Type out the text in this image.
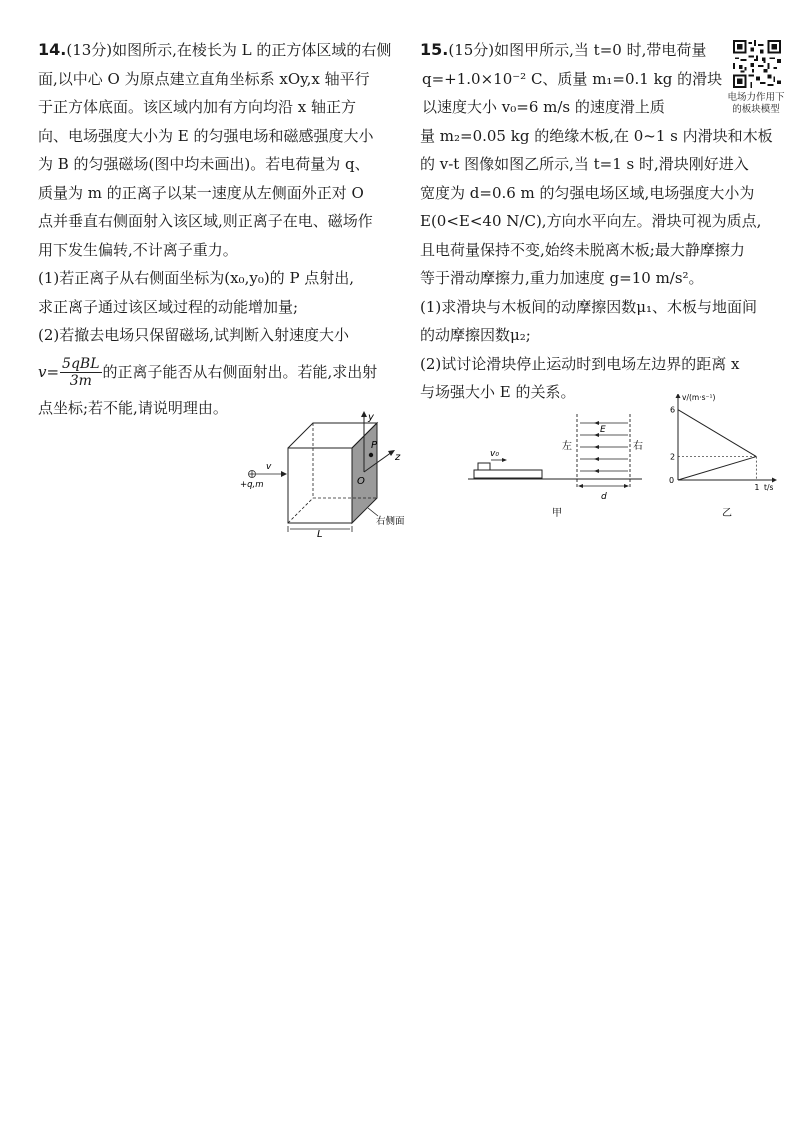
14.(13分)如图所示,在棱长为 L 的正方体区域的右侧
面,以中心 O 为原点建立直角坐标系 xOy,x 轴平行
于正方体底面。该区域内加有方向均沿 x 轴正方
向、电场强度大小为 E 的匀强电场和磁感强度大小
为 B 的匀强磁场(图中均未画出)。若电荷量为 q、
质量为 m 的正离子以某一速度从左侧面外正对 O
点并垂直右侧面射入该区域,则正离子在电、磁场作
用下发生偏转,不计离子重力。
(1)若正离子从右侧面坐标为(x₀,y₀)的 P 点射出,
求正离子通过该区域过程的动能增加量;
(2)若撤去电场只保留磁场,试判断入射速度大小
v= 5qBL
3m
的正离子能否从右侧面射出。若能,求出射
点坐标;若不能,请说明理由。
y
z
P
O
v
+q,m
L
右侧面
15.(15分)如图甲所示,当 t=0 时,带电荷量
q=+1.0×10⁻² C、质量 m₁=0.1 kg 的滑块
以速度大小 v₀=6 m/s 的速度滑上质
量 m₂=0.05 kg 的绝缘木板,在 0~1 s 内滑块和木板
的 v-t 图像如图乙所示,当 t=1 s 时,滑块刚好进入
宽度为 d=0.6 m 的匀强电场区域,电场强度大小为
E(0<E<40 N/C),方向水平向左。滑块可视为质点,
且电荷量保持不变,始终未脱离木板;最大静摩擦力
等于滑动摩擦力,重力加速度 g=10 m/s²。
(1)求滑块与木板间的动摩擦因数μ₁、木板与地面间
的动摩擦因数μ₂;
(2)试讨论滑块停止运动时到电场左边界的距离 x
与场强大小 E 的关系。
电场力作用下
的板块模型
v₀
E
左	右
d
甲
v/(m·s⁻¹)
t/s
0
2
6
1
乙
